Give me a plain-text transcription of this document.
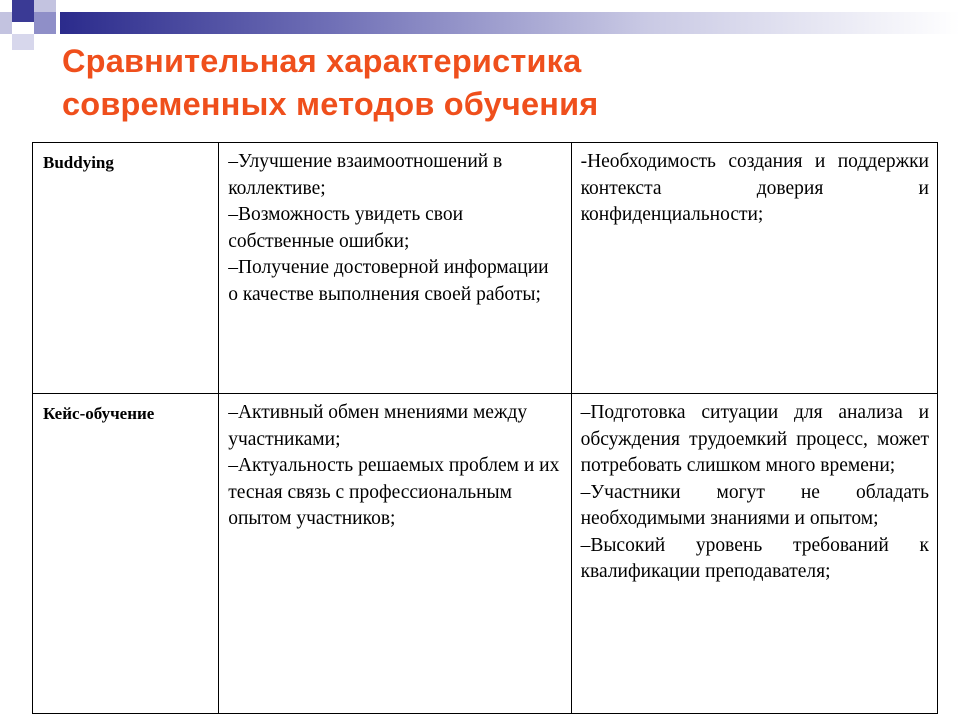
Сравнительная характеристика
современных методов обучения
Buddying	–Улучшение взаимоотношений в коллективе;
–Возможность увидеть свои собственные ошибки;
–Получение достоверной информации о качестве выполнения своей работы;	-Необходимость создания и поддержки контекста доверия и конфиденциальности;

Кейс-обучение	–Активный обмен мнениями между участниками;
–Актуальность решаемых проблем и их тесная связь с профессиональным опытом участников;	–Подготовка ситуации для анализа и обсуждения трудоемкий процесс, может потребовать слишком много времени;
–Участники могут не обладать необходимыми знаниями и опытом;
–Высокий уровень требований к квалификации преподавателя;
